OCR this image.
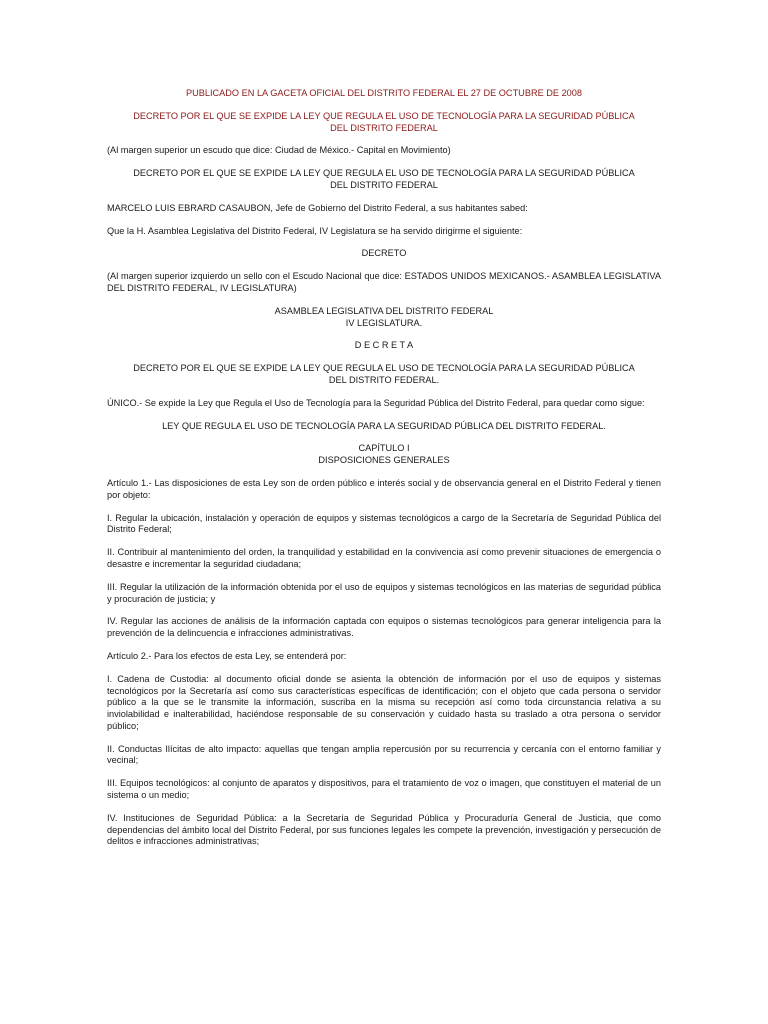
PUBLICADO EN LA GACETA OFICIAL DEL DISTRITO FEDERAL EL 27 DE OCTUBRE DE 2008

DECRETO POR EL QUE SE EXPIDE LA LEY QUE REGULA EL USO DE TECNOLOGÍA PARA LA SEGURIDAD PÚBLICA

DEL DISTRITO FEDERAL

(Al margen superior un escudo que dice: Ciudad de México.- Capital en Movimiento)

DECRETO POR EL QUE SE EXPIDE LA LEY QUE REGULA EL USO DE TECNOLOGÍA PARA LA SEGURIDAD PÚBLICA

DEL DISTRITO FEDERAL

MARCELO LUIS EBRARD CASAUBON, Jefe de Gobierno del Distrito Federal, a sus habitantes sabed:

Que la H. Asamblea Legislativa del Distrito Federal, IV Legislatura se ha servido dirigirme el siguiente:

DECRETO

(Al margen superior izquierdo un sello con el Escudo Nacional que dice: ESTADOS UNIDOS MEXICANOS.- ASAMBLEA LEGISLATIVA DEL DISTRITO FEDERAL, IV LEGISLATURA)

ASAMBLEA LEGISLATIVA DEL DISTRITO FEDERAL

IV LEGISLATURA.

D E C R E T A

DECRETO POR EL QUE SE EXPIDE LA LEY QUE REGULA EL USO DE TECNOLOGÍA PARA LA SEGURIDAD PÚBLICA

DEL DISTRITO FEDERAL.

ÚNICO.- Se expide la Ley que Regula el Uso de Tecnología para la Seguridad Pública del Distrito Federal, para quedar como sigue:

LEY QUE REGULA EL USO DE TECNOLOGÍA PARA LA SEGURIDAD PÚBLICA DEL DISTRITO FEDERAL.

CAPÍTULO I

DISPOSICIONES GENERALES

Artículo 1.- Las disposiciones de esta Ley son de orden público e interés social y de observancia general en el Distrito Federal y tienen por objeto:

I. Regular la ubicación, instalación y operación de equipos y sistemas tecnológicos a cargo de la Secretaría de Seguridad Pública del Distrito Federal;

II. Contribuir al mantenimiento del orden, la tranquilidad y estabilidad en la convivencia así como prevenir situaciones de emergencia o desastre e incrementar la seguridad ciudadana;

III. Regular la utilización de la información obtenida por el uso de equipos y sistemas tecnológicos en las materias de seguridad pública y procuración de justicia; y

IV. Regular las acciones de análisis de la información captada con equipos o sistemas tecnológicos para generar inteligencia para la prevención de la delincuencia e infracciones administrativas.

Artículo 2.- Para los efectos de esta Ley, se entenderá por:

I. Cadena de Custodia: al documento oficial donde se asienta la obtención de información por el uso de equipos y sistemas tecnológicos por la Secretaría así como sus características específicas de identificación; con el objeto que cada persona o servidor público a la que se le transmite la información, suscriba en la misma su recepción así como toda circunstancia relativa a su inviolabilidad e inalterabilidad, haciéndose responsable de su conservación y cuidado hasta su traslado a otra persona o servidor público;

II. Conductas Ilícitas de alto impacto: aquellas que tengan amplia repercusión por su recurrencia y cercanía con el entorno familiar y vecinal;

III. Equipos tecnológicos: al conjunto de aparatos y dispositivos, para el tratamiento de voz o imagen, que constituyen el material de un sistema o un medio;

IV. Instituciones de Seguridad Pública: a la Secretaría de Seguridad Pública y Procuraduría General de Justicia, que como dependencias del ámbito local del Distrito Federal, por sus funciones legales les compete la prevención, investigación y persecución de delitos e infracciones administrativas;
